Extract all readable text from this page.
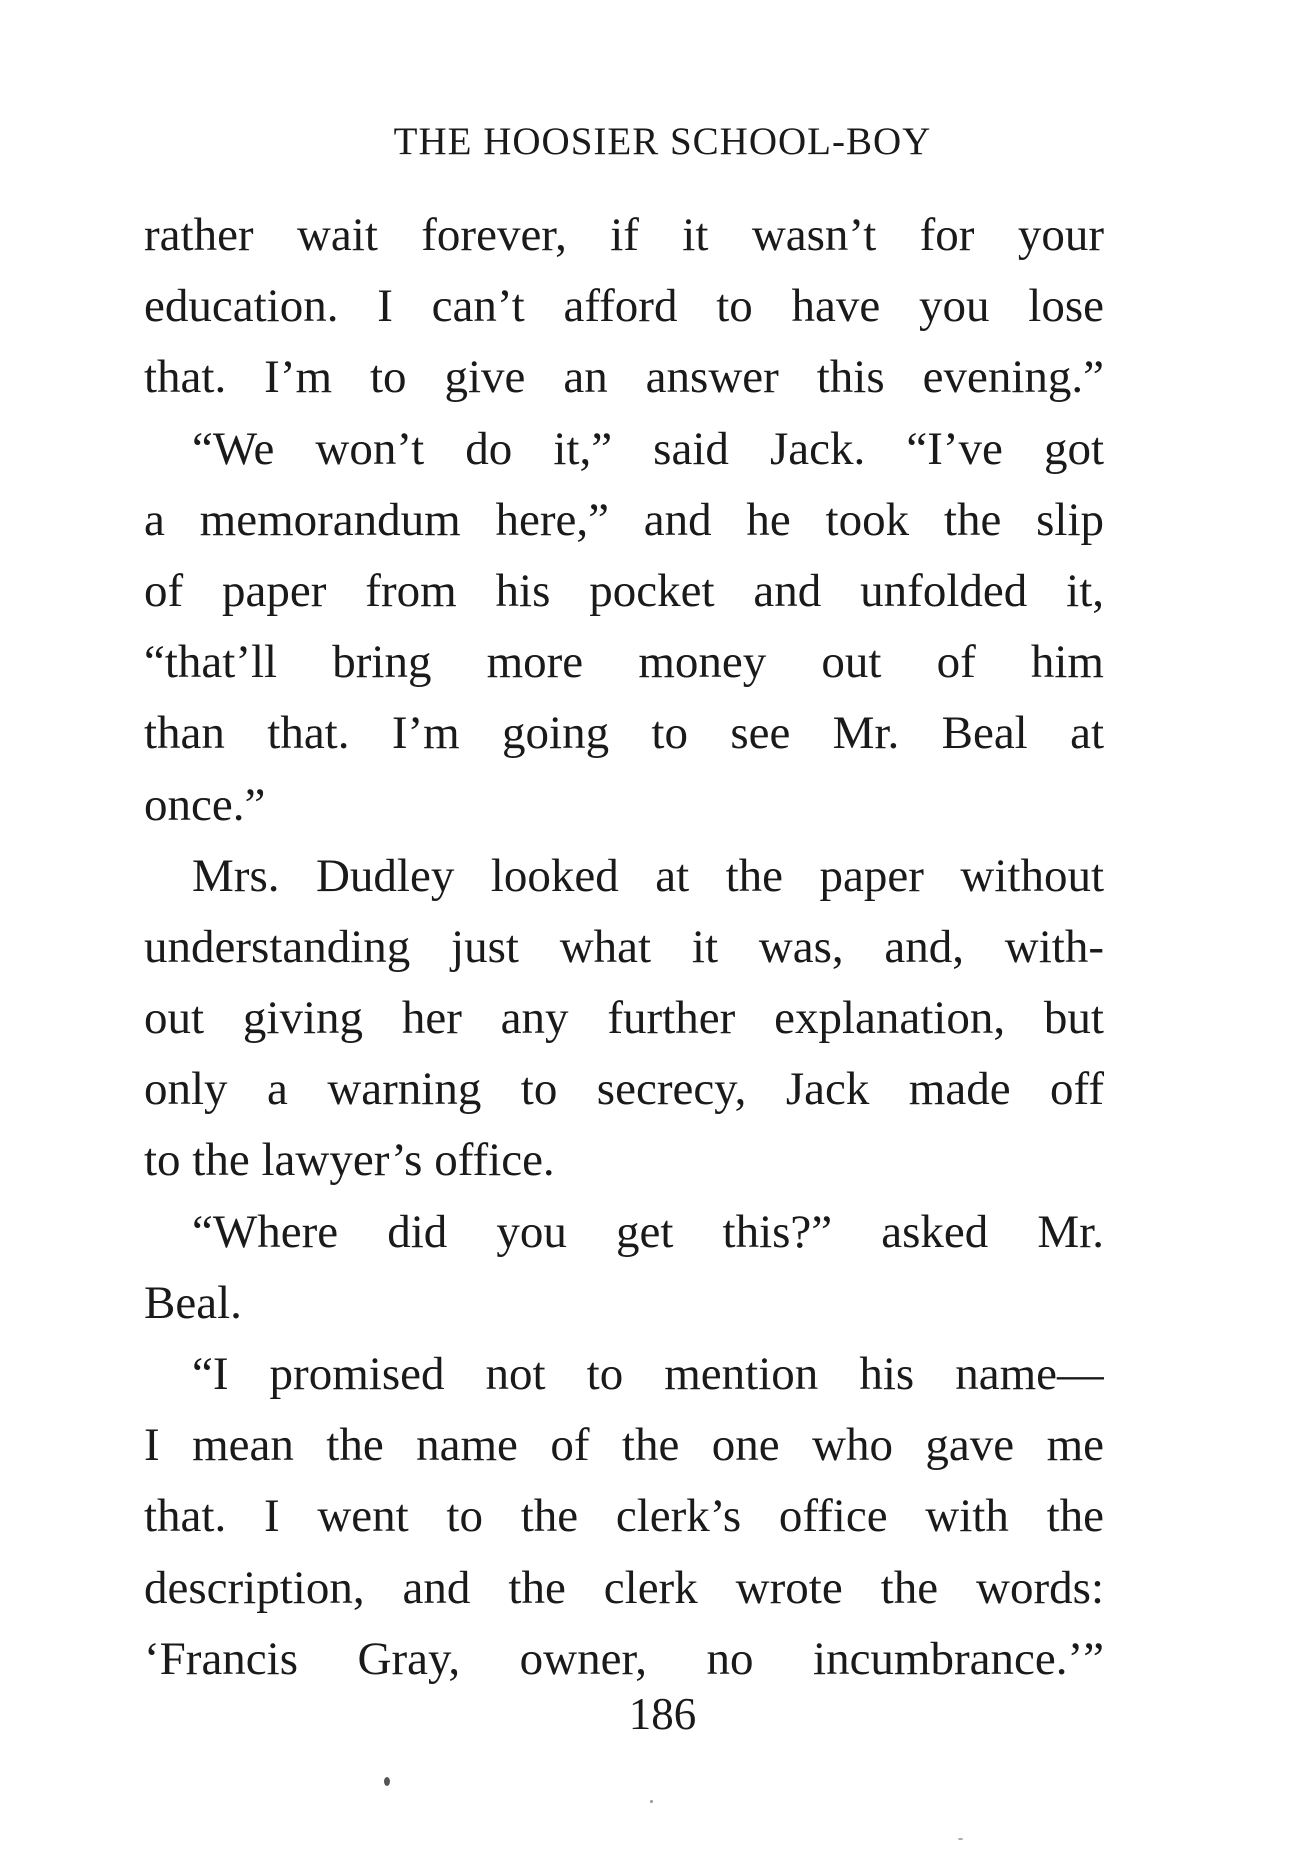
THE HOOSIER SCHOOL-BOY
rather wait forever, if it wasn’t for your
education. I can’t afford to have you lose
that. I’m to give an answer this evening.”
“We won’t do it,” said Jack. “I’ve got
a memorandum here,” and he took the slip
of paper from his pocket and unfolded it,
“that’ll bring more money out of him
than that. I’m going to see Mr. Beal at
once.”
Mrs. Dudley looked at the paper without
understanding just what it was, and, with-
out giving her any further explanation, but
only a warning to secrecy, Jack made off
to the lawyer’s office.
“Where did you get this?” asked Mr.
Beal.
“I promised not to mention his name—
I mean the name of the one who gave me
that. I went to the clerk’s office with the
description, and the clerk wrote the words:
‘Francis Gray, owner, no incumbrance.’”
186
